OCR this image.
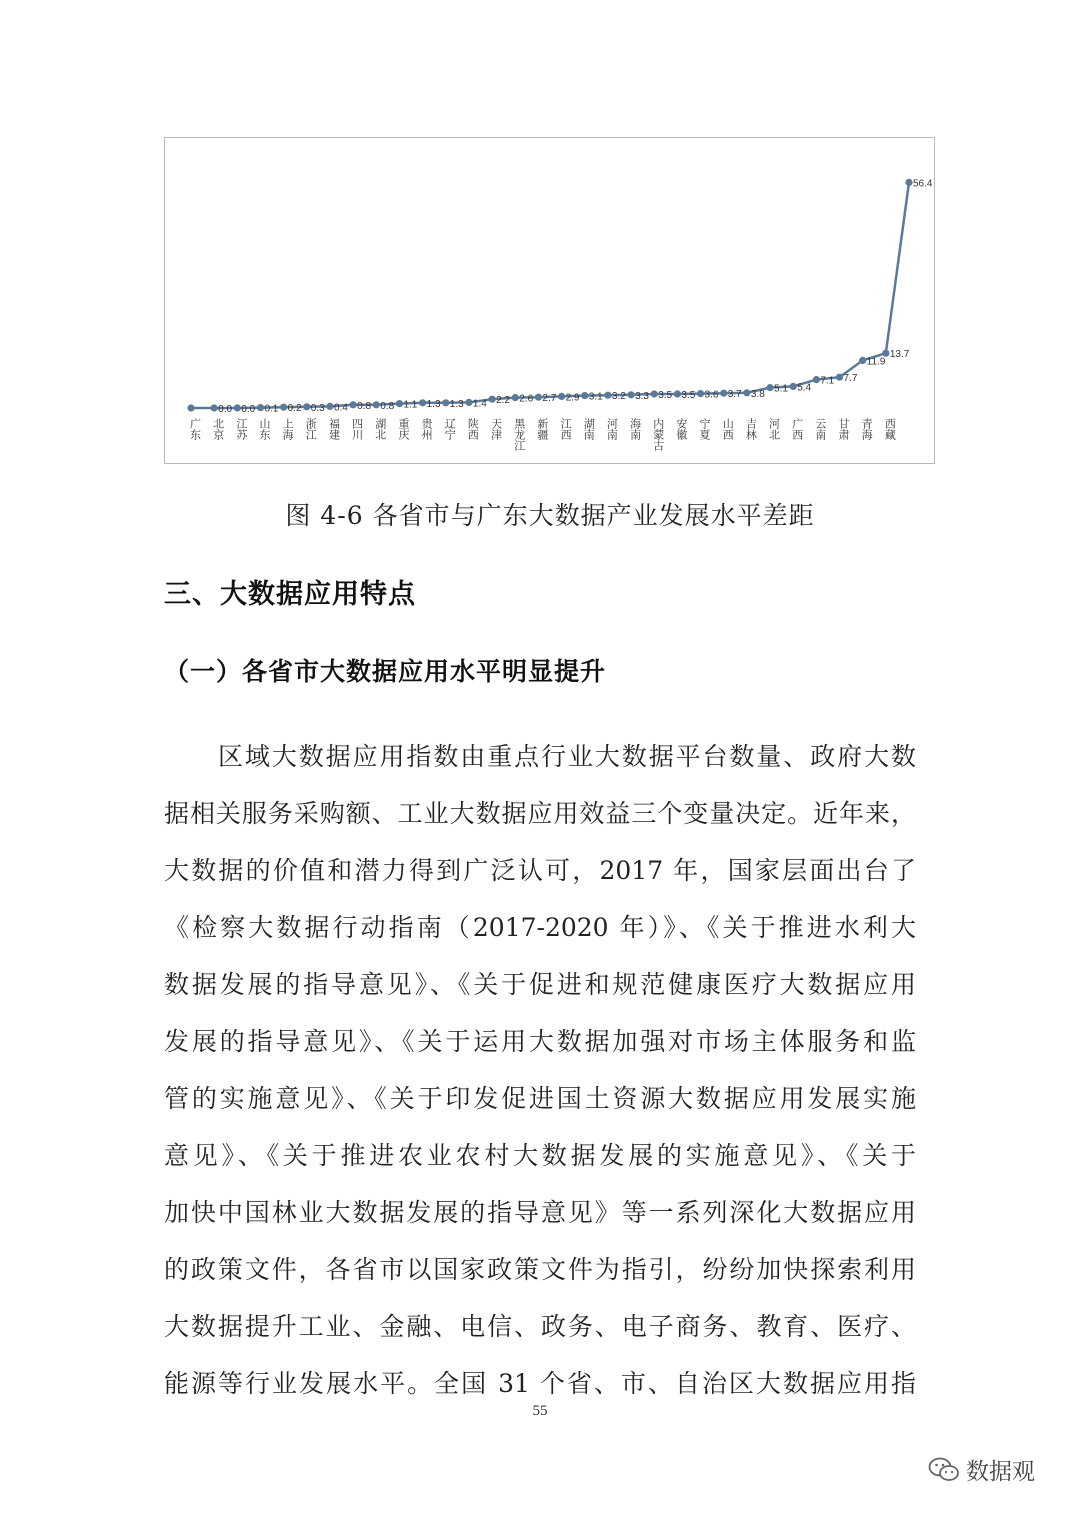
0.0 0.0 0.1 0.2 0.3 0.4 0.8 0.8 1.1 1.3 1.3 1.4 2.2 2.6 2.7 2.9 3.1 3.2 3.3 3.5 3.5 3.6 3.7 3.8 5.1 5.4
7.1 7.7
11.9
13.7
56.4
广东 北京 江苏 山东 上海 浙江 福建 四川 湖北 重庆 贵州 辽宁 陕西 天津 黑龙江 新疆 江西 湖南 河南 海南 内蒙古 安徽 宁夏 山西 吉林 河北 广西 云南 甘肃 青海 西藏
图 4-6 各省市与广东大数据产业发展水平差距
三、大数据应用特点
（一）各省市大数据应用水平明显提升
区域大数据应用指数由重点行业大数据平台数量、政府大数
据相关服务采购额、工业大数据应用效益三个变量决定。近年来，
大数据的价值和潜力得到广泛认可，2017 年，国家层面出台了
《检察大数据行动指南（2017-2020 年）》、《关于推进水利大
数据发展的指导意见》、《关于促进和规范健康医疗大数据应用
发展的指导意见》、《关于运用大数据加强对市场主体服务和监
管的实施意见》、《关于印发促进国土资源大数据应用发展实施
意见》、《关于推进农业农村大数据发展的实施意见》、《关于
加快中国林业大数据发展的指导意见》等一系列深化大数据应用
的政策文件，各省市以国家政策文件为指引，纷纷加快探索利用
大数据提升工业、金融、电信、政务、电子商务、教育、医疗、
能源等行业发展水平。全国 31 个省、市、自治区大数据应用指
55
数据观
